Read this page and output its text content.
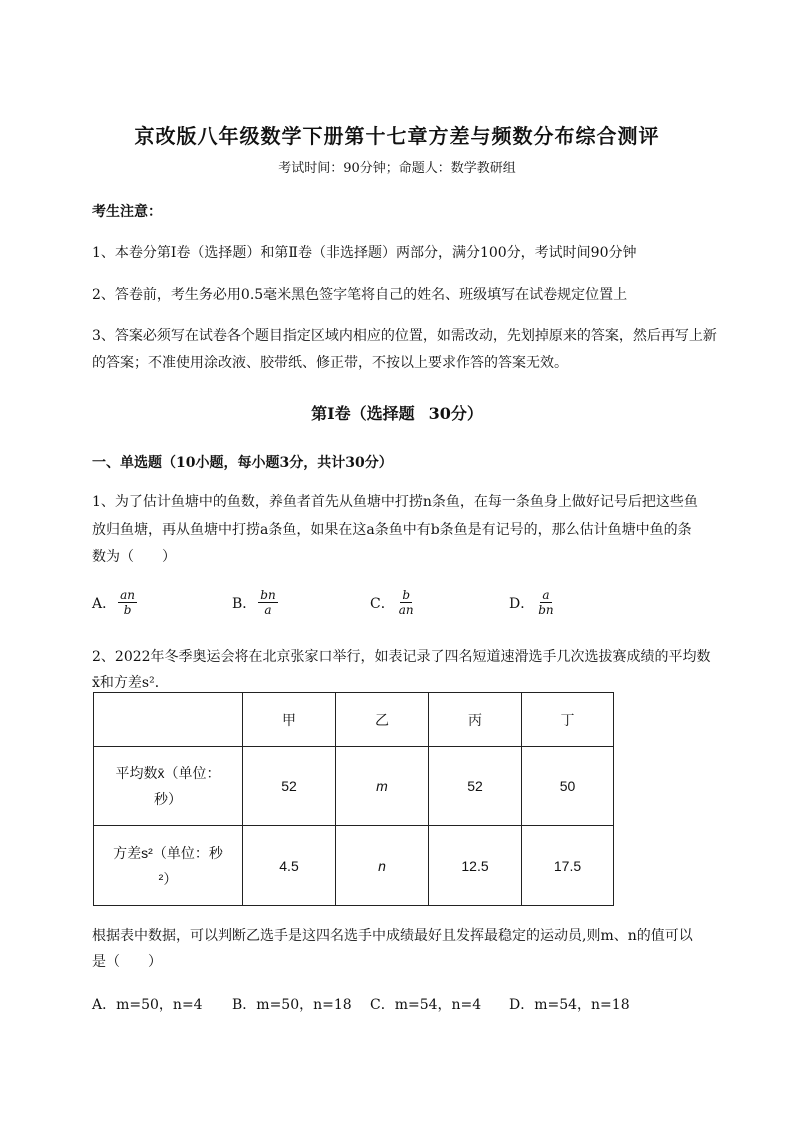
京改版八年级数学下册第十七章方差与频数分布综合测评
考试时间：90分钟；命题人：数学教研组
考生注意：
1、本卷分第I卷（选择题）和第Ⅱ卷（非选择题）两部分，满分100分，考试时间90分钟
2、答卷前，考生务必用0.5毫米黑色签字笔将自己的姓名、班级填写在试卷规定位置上
3、答案必须写在试卷各个题目指定区域内相应的位置，如需改动，先划掉原来的答案，然后再写上新
的答案；不准使用涂改液、胶带纸、修正带，不按以上要求作答的答案无效。
第I卷（选择题 30分）
一、单选题（10小题，每小题3分，共计30分）
1、为了估计鱼塘中的鱼数，养鱼者首先从鱼塘中打捞n条鱼，在每一条鱼身上做好记号后把这些鱼
放归鱼塘，再从鱼塘中打捞a条鱼，如果在这a条鱼中有b条鱼是有记号的，那么估计鱼塘中鱼的条
数为（　　）
A． $\frac{an}{b}$	B． $\frac{bn}{a}$	C． $\frac{b}{an}$	D． $\frac{a}{bn}$
2、2022年冬季奥运会将在北京张家口举行，如表记录了四名短道速滑选手几次选拔赛成绩的平均数
x̄和方差s²．
	甲	乙	丙	丁

平均数x̄（单位：
秒）	52	m	52	50

方差s²（单位：秒
²）	4.5	n	12.5	17.5
根据表中数据，可以判断乙选手是这四名选手中成绩最好且发挥最稳定的运动员,则m、n的值可以
是（　　）
A．m=50，n=4 B．m=50，n=18 C．m=54，n=4 D．m=54，n=18
